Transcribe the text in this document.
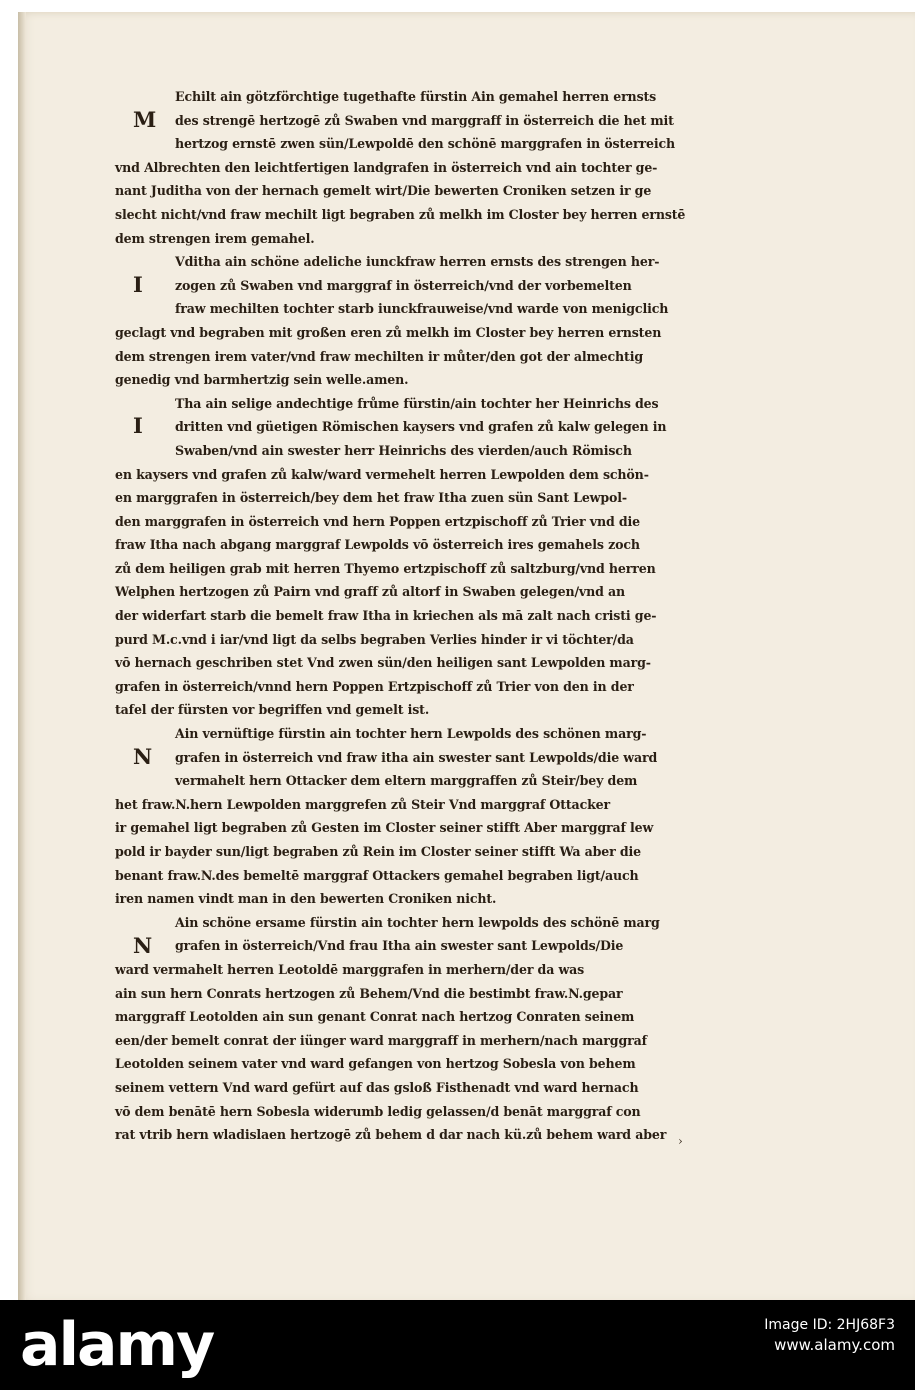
Echilt ain götzförchtige tugethafte fürstin Ain gemahel herren ernsts
des strengē hertzogē zů Swaben vnd marggraff in österreich die het mit
hertzog ernstē zwen sün/Lewpoldē den schönē marggrafen in österreich
vnd Albrechten den leichtfertigen landgrafen in österreich vnd ain tochter ge-
nant Juditha von der hernach gemelt wirt/Die bewerten Croniken setzen ir ge
slecht nicht/vnd fraw mechilt ligt begraben zů melkh im Closter bey herren ernstē
dem strengen irem gemahel.
Vditha ain schöne adeliche iunckfraw herren ernsts des strengen her-
zogen zů Swaben vnd marggraf in österreich/vnd der vorbemelten
fraw mechilten tochter starb iunckfrauweise/vnd warde von menigclich
geclagt vnd begraben mit großen eren zů melkh im Closter bey herren ernsten
dem strengen irem vater/vnd fraw mechilten ir můter/den got der almechtig
genedig vnd barmhertzig sein welle.amen.
Tha ain selige andechtige frůme fürstin/ain tochter her Heinrichs des
dritten vnd güetigen Römischen kaysers vnd grafen zů kalw gelegen in
Swaben/vnd ain swester herr Heinrichs des vierden/auch Römisch
en kaysers vnd grafen zů kalw/ward vermehelt herren Lewpolden dem schön-
en marggrafen in österreich/bey dem het fraw Itha zuen sün Sant Lewpol-
den marggrafen in österreich vnd hern Poppen ertzpischoff zů Trier vnd die
fraw Itha nach abgang marggraf Lewpolds vō österreich ires gemahels zoch
zů dem heiligen grab mit herren Thyemo ertzpischoff zů saltzburg/vnd herren
Welphen hertzogen zů Pairn vnd graff zů altorf in Swaben gelegen/vnd an
der widerfart starb die bemelt fraw Itha in kriechen als mā zalt nach cristi ge-
purd M.c.vnd i iar/vnd ligt da selbs begraben Verlies hinder ir vi töchter/da
vō hernach geschriben stet Vnd zwen sün/den heiligen sant Lewpolden marg-
grafen in österreich/vnnd hern Poppen Ertzpischoff zů Trier von den in der
tafel der fürsten vor begriffen vnd gemelt ist.
Ain vernüftige fürstin ain tochter hern Lewpolds des schönen marg-
grafen in österreich vnd fraw itha ain swester sant Lewpolds/die ward
vermahelt hern Ottacker dem eltern marggraffen zů Steir/bey dem
het fraw.N.hern Lewpolden marggrefen zů Steir Vnd marggraf Ottacker
ir gemahel ligt begraben zů Gesten im Closter seiner stifft Aber marggraf lew
pold ir bayder sun/ligt begraben zů Rein im Closter seiner stifft Wa aber die
benant fraw.N.des bemeltē marggraf Ottackers gemahel begraben ligt/auch
iren namen vindt man in den bewerten Croniken nicht.
Ain schöne ersame fürstin ain tochter hern lewpolds des schönē marg
grafen in österreich/Vnd frau Itha ain swester sant Lewpolds/Die
ward vermahelt herren Leotoldē marggrafen in merhern/der da was
ain sun hern Conrats hertzogen zů Behem/Vnd die bestimbt fraw.N.gepar
marggraff Leotolden ain sun genant Conrat nach hertzog Conraten seinem
een/der bemelt conrat der iünger ward marggraff in merhern/nach marggraf
Leotolden seinem vater vnd ward gefangen von hertzog Sobesla von behem
seinem vettern Vnd ward gefürt auf das gsloß Fisthenadt vnd ward hernach
vō dem benātē hern Sobesla widerumb ledig gelassen/d benāt marggraf con
rat vtrib hern wladislaen hertzogē zů behem d dar nach kü.zů behem ward aber
M
I
I
N
N
›
alamy	Image ID: 2HJ68F3
www.alamy.com
